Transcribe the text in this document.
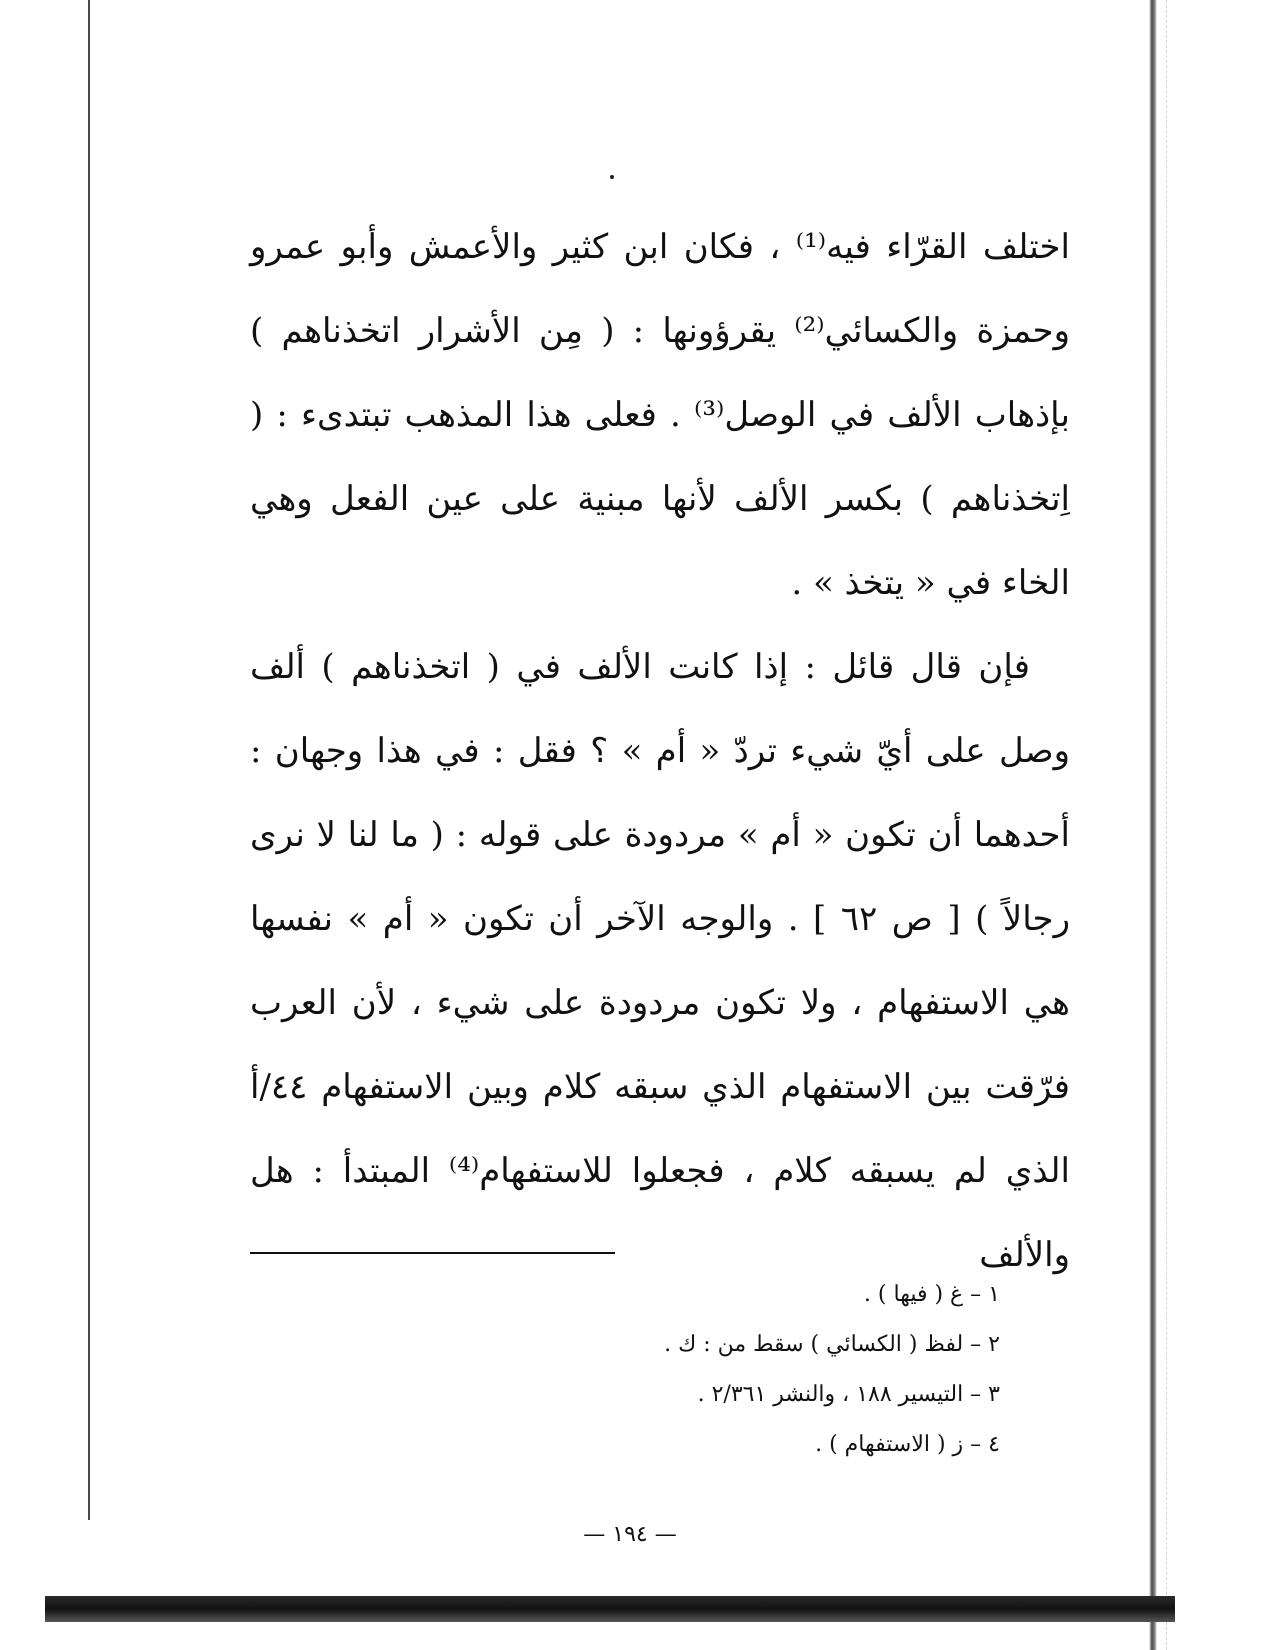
اختلف القرّاء فيه⁽¹⁾ ، فكان ابن كثير والأعمش وأبو عمرو وحمزة والكسائي⁽²⁾ يقرؤونها : ( مِن الأشرار اتخذناهم ) بإذهاب الألف في الوصل⁽³⁾ . فعلى هذا المذهب تبتدىء : ( اِتخذناهم ) بكسر الألف لأنها مبنية على عين الفعل وهي الخاء في « يتخذ » .

فإن قال قائل : إذا كانت الألف في ( اتخذناهم ) ألف وصل على أيّ شيء تردّ « أم » ؟ فقل : في هذا وجهان : أحدهما أن تكون « أم » مردودة على قوله : ( ما لنا لا نرى رجالاً ) [ ص ٦٢ ] . والوجه الآخر أن تكون « أم » نفسها هي الاستفهام ، ولا تكون مردودة على شيء ، لأن العرب فرّقت بين الاستفهام الذي سبقه كلام وبين الاستفهام ٤٤/أ الذي لم يسبقه كلام ، فجعلوا للاستفهام⁽⁴⁾ المبتدأ : هل والألف

١ – غ ( فيها ) .

٢ – لفظ ( الكسائي ) سقط من : ك .

٣ – التيسير ١٨٨ ، والنشر ٢/٣٦١ .

٤ – ز ( الاستفهام ) .

— ١٩٤ —
